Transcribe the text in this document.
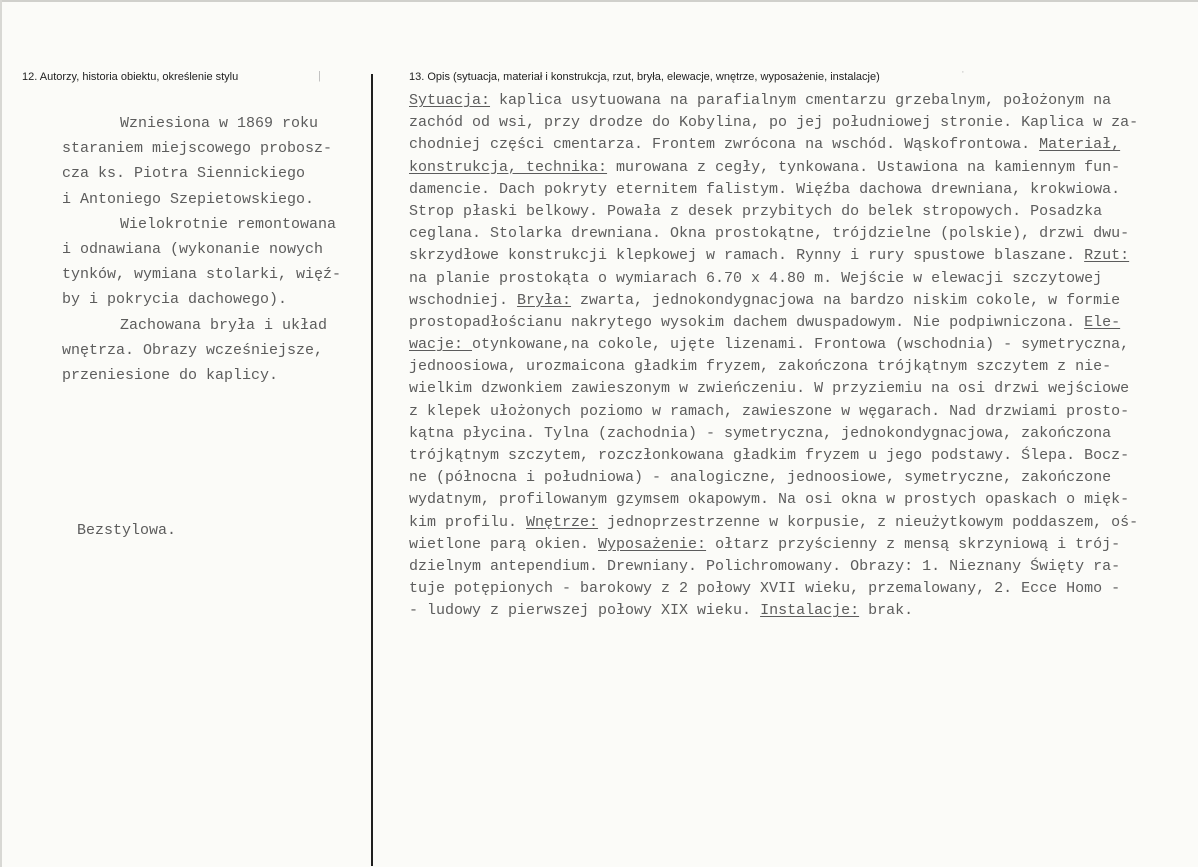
12. Autorzy, historia obiektu, określenie stylu	|	13. Opis (sytuacja, materiał i konstrukcja, rzut, bryła, elewacje, wnętrze, wyposażenie, instalacje)	·
Wzniesiona w 1869 roku
staraniem miejscowego probosz-
cza ks. Piotra Siennickiego
i Antoniego Szepietowskiego.
Wielokrotnie remontowana
i odnawiana (wykonanie nowych
tynków, wymiana stolarki, więź-
by i pokrycia dachowego).
Zachowana bryła i układ
wnętrza. Obrazy wcześniejsze,
przeniesione do kaplicy.
Bezstylowa.
Sytuacja: kaplica usytuowana na parafialnym cmentarzu grzebalnym, położonym na
zachód od wsi, przy drodze do Kobylina, po jej południowej stronie. Kaplica w za-
chodniej części cmentarza. Frontem zwrócona na wschód. Wąskofrontowa. Materiał,
konstrukcja, technika: murowana z cegły, tynkowana. Ustawiona na kamiennym fun-
damencie. Dach pokryty eternitem falistym. Więźba dachowa drewniana, krokwiowa.
Strop płaski belkowy. Powała z desek przybitych do belek stropowych. Posadzka
ceglana. Stolarka drewniana. Okna prostokątne, trójdzielne (polskie), drzwi dwu-
skrzydłowe konstrukcji klepkowej w ramach. Rynny i rury spustowe blaszane. Rzut:
na planie prostokąta o wymiarach 6.70 x 4.80 m. Wejście w elewacji szczytowej
wschodniej. Bryła: zwarta, jednokondygnacjowa na bardzo niskim cokole, w formie
prostopadłościanu nakrytego wysokim dachem dwuspadowym. Nie podpiwniczona. Ele-
wacje: otynkowane,na cokole, ujęte lizenami. Frontowa (wschodnia) - symetryczna,
jednoosiowa, urozmaicona gładkim fryzem, zakończona trójkątnym szczytem z nie-
wielkim dzwonkiem zawieszonym w zwieńczeniu. W przyziemiu na osi drzwi wejściowe
z klepek ułożonych poziomo w ramach, zawieszone w węgarach. Nad drzwiami prosto-
kątna płycina. Tylna (zachodnia) - symetryczna, jednokondygnacjowa, zakończona
trójkątnym szczytem, rozczłonkowana gładkim fryzem u jego podstawy. Ślepa. Bocz-
ne (północna i południowa) - analogiczne, jednoosiowe, symetryczne, zakończone
wydatnym, profilowanym gzymsem okapowym. Na osi okna w prostych opaskach o mięk-
kim profilu. Wnętrze: jednoprzestrzenne w korpusie, z nieużytkowym poddaszem, oś-
wietlone parą okien. Wyposażenie: ołtarz przyścienny z mensą skrzyniową i trój-
dzielnym antependium. Drewniany. Polichromowany. Obrazy: 1. Nieznany Święty ra-
tuje potępionych - barokowy z 2 połowy XVII wieku, przemalowany, 2. Ecce Homo -
- ludowy z pierwszej połowy XIX wieku. Instalacje: brak.
